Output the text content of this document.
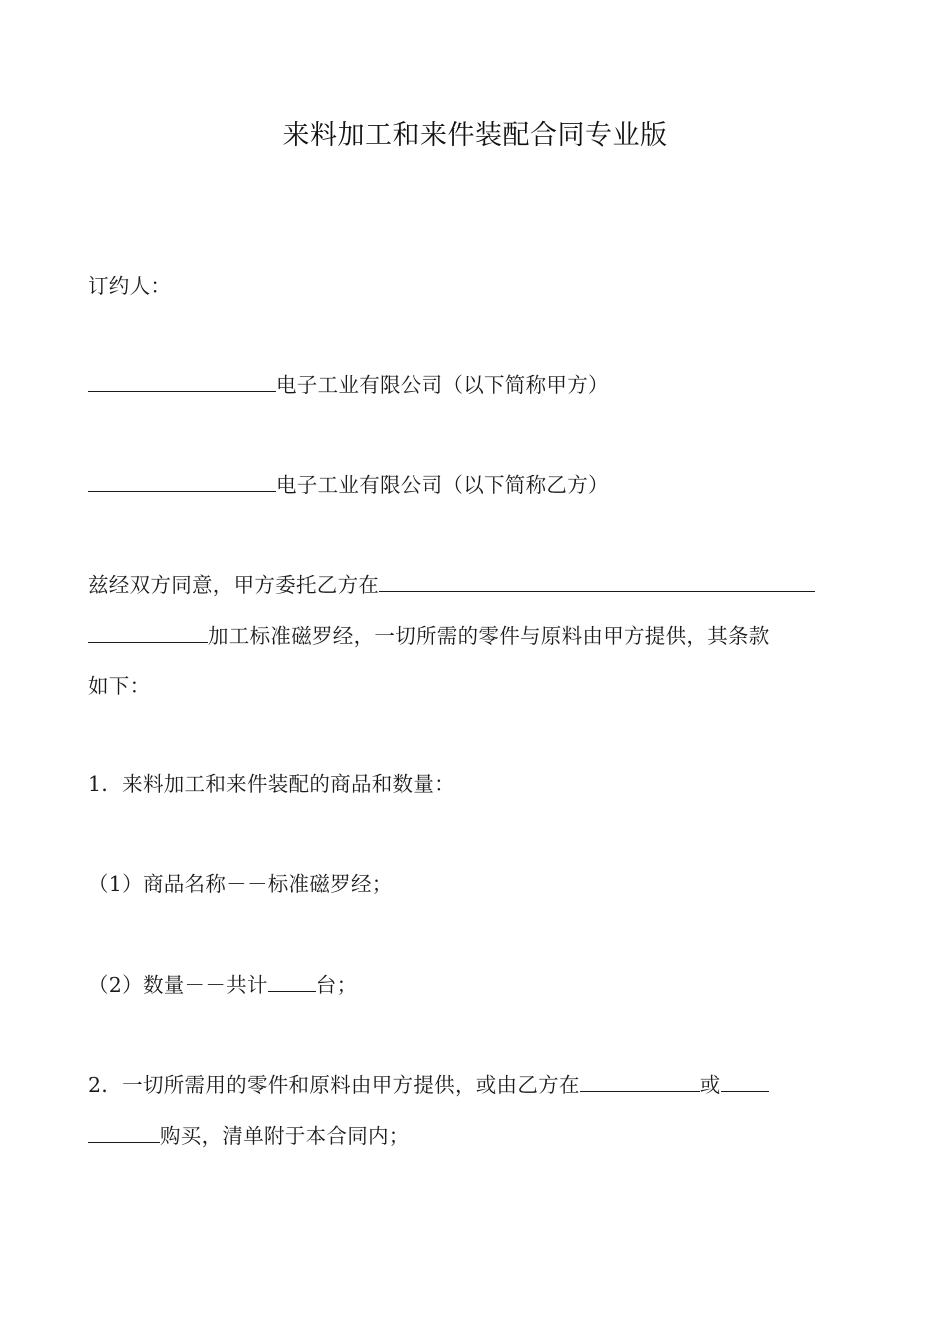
来料加工和来件装配合同专业版
订约人：
电子工业有限公司（以下简称甲方）
电子工业有限公司（以下简称乙方）
兹经双方同意，甲方委托乙方在
加工标准磁罗经，一切所需的零件与原料由甲方提供，其条款
如下：
1．来料加工和来件装配的商品和数量：
（1）商品名称－－标准磁罗经；
（2）数量－－共计 台；
2．一切所需用的零件和原料由甲方提供，或由乙方在	或
购买，清单附于本合同内；
